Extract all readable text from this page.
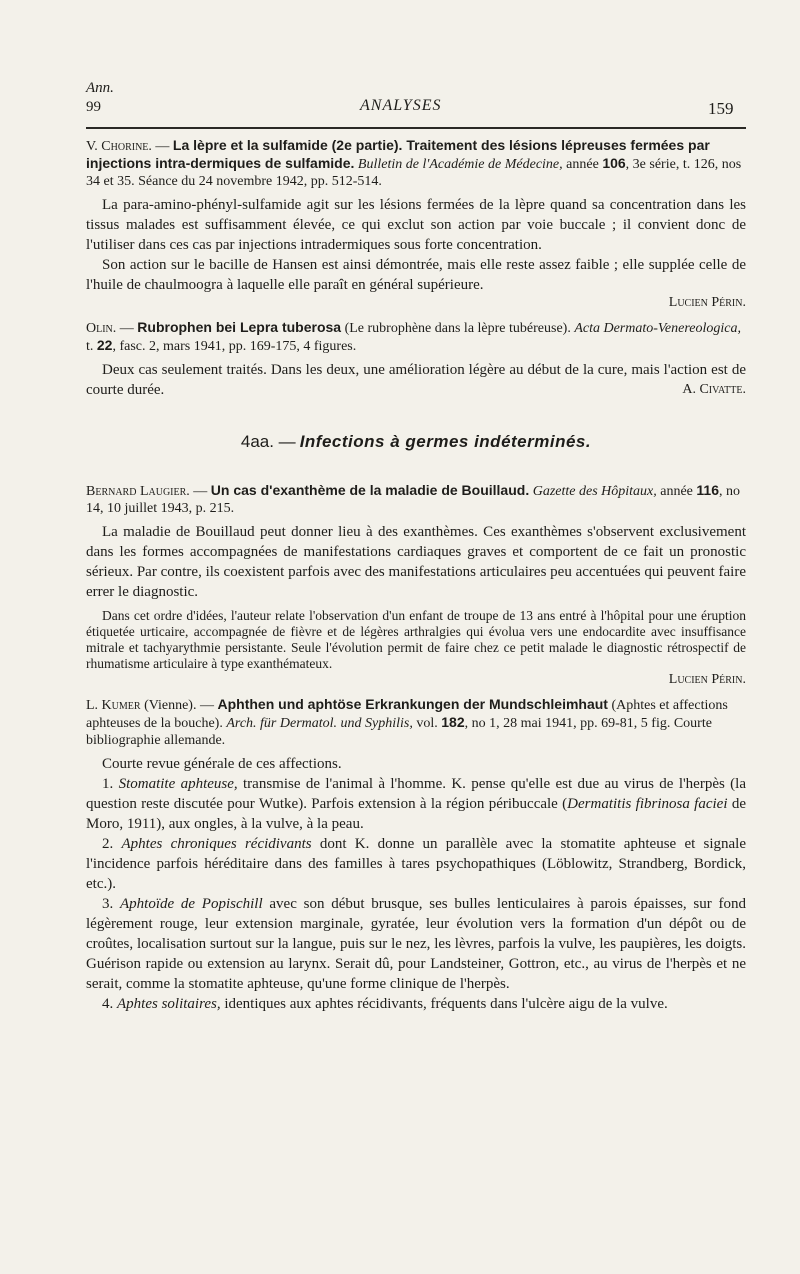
Ann.
99	ANALYSES	159
V. Chorine. — La lèpre et la sulfamide (2e partie). Traitement des lésions lépreuses fermées par injections intra-dermiques de sulfamide. Bulletin de l'Académie de Médecine, année 106, 3e série, t. 126, nos 34 et 35. Séance du 24 novembre 1942, pp. 512-514.

La para-amino-phényl-sulfamide agit sur les lésions fermées de la lèpre quand sa concentration dans les tissus malades est suffisamment élevée, ce qui exclut son action par voie buccale ; il convient donc de l'utiliser dans ces cas par injections intradermiques sous forte concentration.

Son action sur le bacille de Hansen est ainsi démontrée, mais elle reste assez faible ; elle supplée celle de l'huile de chaulmoogra à laquelle elle paraît en général supérieure.

Lucien Périn.
Olin. — Rubrophen bei Lepra tuberosa (Le rubrophène dans la lèpre tubéreuse). Acta Dermato-Venereologica, t. 22, fasc. 2, mars 1941, pp. 169-175, 4 figures.

Deux cas seulement traités. Dans les deux, une amélioration légère au début de la cure, mais l'action est de courte durée.	A. Civatte.

4aa. — Infections à germes indéterminés.
Bernard Laugier. — Un cas d'exanthème de la maladie de Bouillaud. Gazette des Hôpitaux, année 116, no 14, 10 juillet 1943, p. 215.

La maladie de Bouillaud peut donner lieu à des exanthèmes. Ces exanthèmes s'observent exclusivement dans les formes accompagnées de manifestations cardiaques graves et comportent de ce fait un pronostic sérieux. Par contre, ils coexistent parfois avec des manifestations articulaires peu accentuées qui peuvent faire errer le diagnostic.

Dans cet ordre d'idées, l'auteur relate l'observation d'un enfant de troupe de 13 ans entré à l'hôpital pour une éruption étiquetée urticaire, accompagnée de fièvre et de légères arthralgies qui évolua vers une endocardite avec insuffisance mitrale et tachyarythmie persistante. Seule l'évolution permit de faire chez ce petit malade le diagnostic rétrospectif de rhumatisme articulaire à type exanthémateux.

Lucien Périn.
L. Kumer (Vienne). — Aphthen und aphtöse Erkrankungen der Mundschleimhaut (Aphtes et affections aphteuses de la bouche). Arch. für Dermatol. und Syphilis, vol. 182, no 1, 28 mai 1941, pp. 69-81, 5 fig. Courte bibliographie allemande.

Courte revue générale de ces affections.

1. Stomatite aphteuse, transmise de l'animal à l'homme. K. pense qu'elle est due au virus de l'herpès (la question reste discutée pour Wutke). Parfois extension à la région péribuccale (Dermatitis fibrinosa faciei de Moro, 1911), aux ongles, à la vulve, à la peau.

2. Aphtes chroniques récidivants dont K. donne un parallèle avec la stomatite aphteuse et signale l'incidence parfois héréditaire dans des familles à tares psychopathiques (Löblowitz, Strandberg, Bordick, etc.).

3. Aphtoïde de Popischill avec son début brusque, ses bulles lenticulaires à parois épaisses, sur fond légèrement rouge, leur extension marginale, gyratée, leur évolution vers la formation d'un dépôt ou de croûtes, localisation surtout sur la langue, puis sur le nez, les lèvres, parfois la vulve, les paupières, les doigts. Guérison rapide ou extension au larynx. Serait dû, pour Landsteiner, Gottron, etc., au virus de l'herpès et ne serait, comme la stomatite aphteuse, qu'une forme clinique de l'herpès.

4. Aphtes solitaires, identiques aux aphtes récidivants, fréquents dans l'ulcère aigu de la vulve.
